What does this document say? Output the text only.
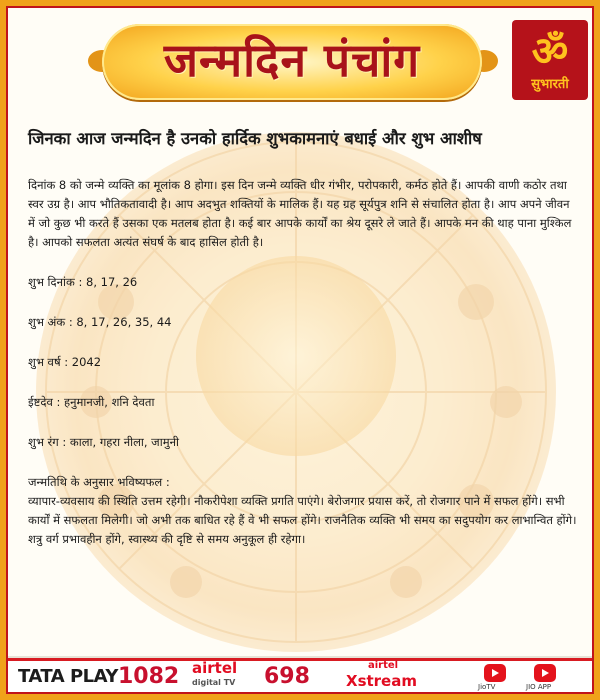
जन्मदिन पंचांग	ॐ
सुभारती
जिनका आज जन्मदिन है उनको हार्दिक शुभकामनाएं बधाई और शुभ आशीष

दिनांक 8 को जन्मे व्यक्ति का मूलांक 8 होगा। इस दिन जन्मे व्यक्ति धीर गंभीर, परोपकारी, कर्मठ होते हैं। आपकी वाणी कठोर तथा स्वर उग्र है। आप भौतिकतावादी है। आप अदभुत शक्तियों के मालिक हैं। यह ग्रह सूर्यपुत्र शनि से संचालित होता है। आप अपने जीवन में जो कुछ भी करते हैं उसका एक मतलब होता है। कई बार आपके कार्यों का श्रेय दूसरे ले जाते हैं। आपके मन की थाह पाना मुश्किल है। आपको सफलता अत्यंत संघर्ष के बाद हासिल होती है।

शुभ दिनांक : 8, 17, 26

शुभ अंक : 8, 17, 26, 35, 44

शुभ वर्ष : 2042

ईष्टदेव : हनुमानजी, शनि देवता

शुभ रंग : काला, गहरा नीला, जामुनी

जन्मतिथि के अनुसार भविष्यफल :

व्यापार-व्यवसाय की स्थिति उत्तम रहेगी। नौकरीपेशा व्यक्ति प्रगति पाएंगे। बेरोजगार प्रयास करें, तो रोजगार पाने में सफल होंगे। सभी कार्यों में सफलता मिलेगी। जो अभी तक बाधित रहे हैं वे भी सफल होंगे। राजनैतिक व्यक्ति भी समय का सदुपयोग कर लाभान्वित होंगे। शत्रु वर्ग प्रभावहीन होंगे, स्वास्थ्य की दृष्टि से समय अनुकूल ही रहेगा।

TATA PLAY 1082 airtel
digital TV 698	airtel
Xstream	JioTV	JIO APP
